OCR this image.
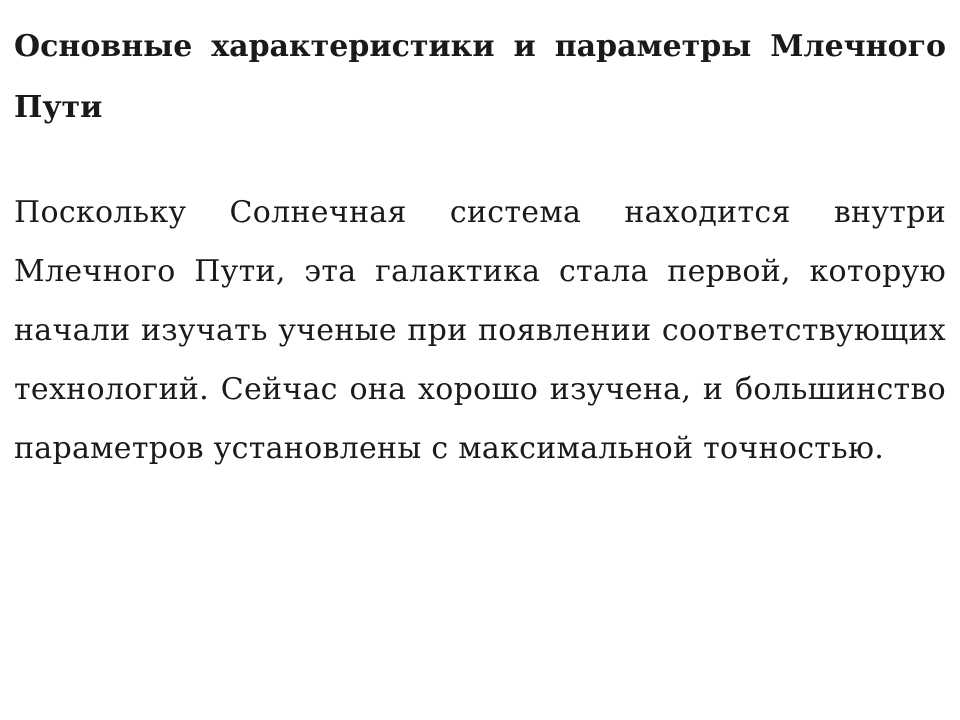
Основные характеристики и параметры Млечного Пути

Поскольку Солнечная система находится внутри Млечного Пути, эта галактика стала первой, которую начали изучать ученые при появлении соответствующих технологий. Сейчас она хорошо изучена, и большинство параметров установлены с максимальной точностью.
